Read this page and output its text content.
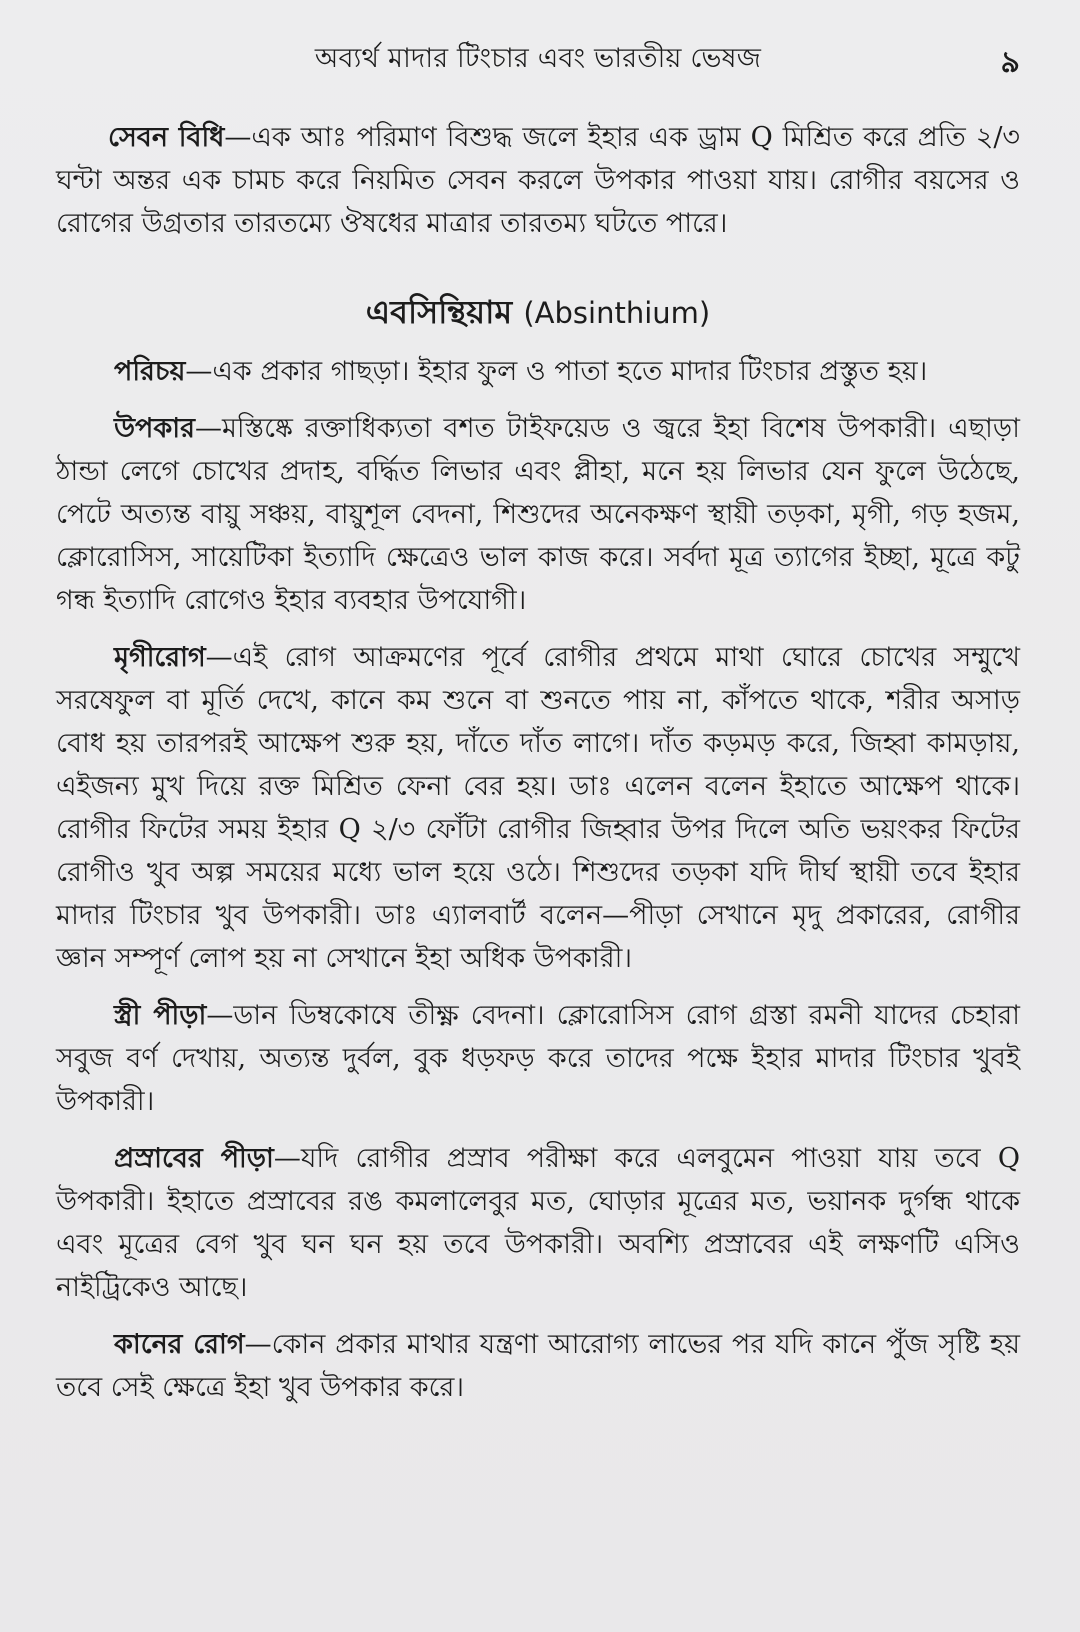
অব্যর্থ মাদার টিংচার এবং ভারতীয় ভেষজ	৯

সেবন বিধি—এক আঃ পরিমাণ বিশুদ্ধ জলে ইহার এক ড্রাম Q মিশ্রিত করে প্রতি ২/৩ ঘন্টা অন্তর এক চামচ করে নিয়মিত সেবন করলে উপকার পাওয়া যায়। রোগীর বয়সের ও রোগের উগ্রতার তারতম্যে ঔষধের মাত্রার তারতম্য ঘটতে পারে।

এবসিন্থিয়াম (Absinthium)

পরিচয়—এক প্রকার গাছড়া। ইহার ফুল ও পাতা হতে মাদার টিংচার প্রস্তুত হয়।

উপকার—মস্তিষ্কে রক্তাধিক্যতা বশত টাইফয়েড ও জ্বরে ইহা বিশেষ উপকারী। এছাড়া ঠান্ডা লেগে চোখের প্রদাহ, বর্দ্ধিত লিভার এবং প্লীহা, মনে হয় লিভার যেন ফুলে উঠেছে, পেটে অত্যন্ত বায়ু সঞ্চয়, বায়ুশূল বেদনা, শিশুদের অনেকক্ষণ স্থায়ী তড়কা, মৃগী, গড় হজম, ক্লোরোসিস, সায়েটিকা ইত্যাদি ক্ষেত্রেও ভাল কাজ করে। সর্বদা মূত্র ত্যাগের ইচ্ছা, মূত্রে কটু গন্ধ ইত্যাদি রোগেও ইহার ব্যবহার উপযোগী।

মৃগীরোগ—এই রোগ আক্রমণের পূর্বে রোগীর প্রথমে মাথা ঘোরে চোখের সম্মুখে সরষেফুল বা মূর্তি দেখে, কানে কম শুনে বা শুনতে পায় না, কাঁপতে থাকে, শরীর অসাড় বোধ হয় তারপরই আক্ষেপ শুরু হয়, দাঁতে দাঁত লাগে। দাঁত কড়মড় করে, জিহ্বা কামড়ায়, এইজন্য মুখ দিয়ে রক্ত মিশ্রিত ফেনা বের হয়। ডাঃ এলেন বলেন ইহাতে আক্ষেপ থাকে। রোগীর ফিটের সময় ইহার Q ২/৩ ফোঁটা রোগীর জিহ্বার উপর দিলে অতি ভয়ংকর ফিটের রোগীও খুব অল্প সময়ের মধ্যে ভাল হয়ে ওঠে। শিশুদের তড়কা যদি দীর্ঘ স্থায়ী তবে ইহার মাদার টিংচার খুব উপকারী। ডাঃ এ্যালবার্ট বলেন—পীড়া সেখানে মৃদু প্রকারের, রোগীর জ্ঞান সম্পূর্ণ লোপ হয় না সেখানে ইহা অধিক উপকারী।

স্ত্রী পীড়া—ডান ডিম্বকোষে তীক্ষ্ণ বেদনা। ক্লোরোসিস রোগ গ্রস্তা রমনী যাদের চেহারা সবুজ বর্ণ দেখায়, অত্যন্ত দুর্বল, বুক ধড়ফড় করে তাদের পক্ষে ইহার মাদার টিংচার খুবই উপকারী।

প্রস্রাবের পীড়া—যদি রোগীর প্রস্রাব পরীক্ষা করে এলবুমেন পাওয়া যায় তবে Q উপকারী। ইহাতে প্রস্রাবের রঙ কমলালেবুর মত, ঘোড়ার মূত্রের মত, ভয়ানক দুর্গন্ধ থাকে এবং মূত্রের বেগ খুব ঘন ঘন হয় তবে উপকারী। অবশ্যি প্রস্রাবের এই লক্ষণটি এসিও নাইট্রিকেও আছে।

কানের রোগ—কোন প্রকার মাথার যন্ত্রণা আরোগ্য লাভের পর যদি কানে পুঁজ সৃষ্টি হয় তবে সেই ক্ষেত্রে ইহা খুব উপকার করে।
